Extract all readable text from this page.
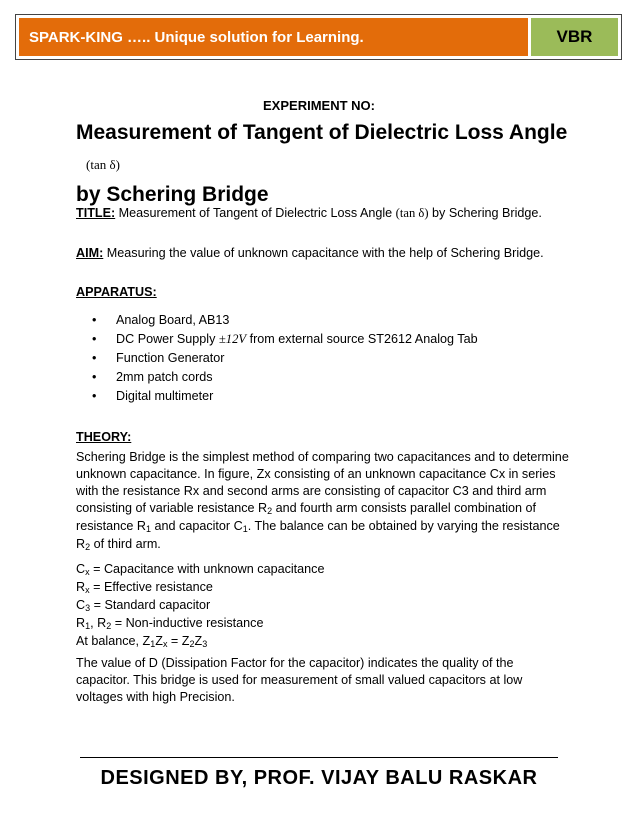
SPARK-KING ….. Unique solution for Learning.	VBR
EXPERIMENT NO:
Measurement of Tangent of Dielectric Loss Angle (tan δ)
by Schering Bridge
TITLE: Measurement of Tangent of Dielectric Loss Angle (tan δ) by Schering Bridge.
AIM: Measuring the value of unknown capacitance with the help of Schering Bridge.
APPARATUS:
• Analog Board, AB13
• DC Power Supply ±12V from external source ST2612 Analog Tab
• Function Generator
• 2mm patch cords
• Digital multimeter
THEORY:
Schering Bridge is the simplest method of comparing two capacitances and to determine unknown capacitance. In figure, Zx consisting of an unknown capacitance Cx in series with the resistance Rx and second arms are consisting of capacitor C3 and third arm consisting of variable resistance $R_2$ and fourth arm consists parallel combination of resistance $R_1$ and capacitor $C_1$. The balance can be obtained by varying the resistance $R_2$ of third arm.
$C_x$ = Capacitance with unknown capacitance
$R_x$ = Effective resistance
$C_3$ = Standard capacitor
$R_1$, $R_2$ = Non-inductive resistance
At balance, $Z_1Z_x = Z_2Z_3$
The value of D (Dissipation Factor for the capacitor) indicates the quality of the capacitor. This bridge is used for measurement of small valued capacitors at low voltages with high Precision.
DESIGNED BY, PROF. VIJAY BALU RASKAR
